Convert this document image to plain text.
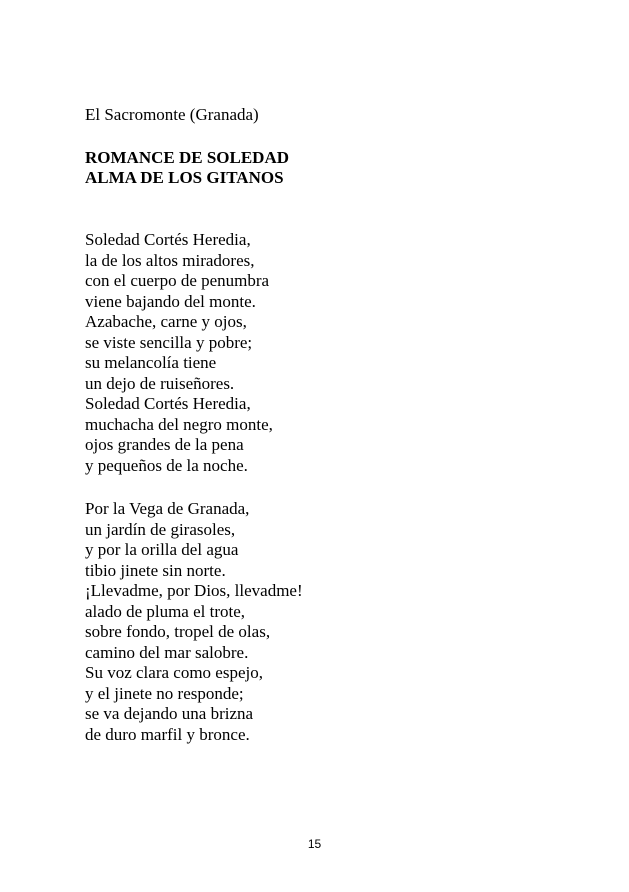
El Sacromonte (Granada)
ROMANCE DE SOLEDAD
ALMA DE LOS GITANOS
Soledad Cortés Heredia,
la de los altos miradores,
con el cuerpo de penumbra
viene bajando del monte.
Azabache, carne y ojos,
se viste sencilla y pobre;
su melancolía tiene
un dejo de ruiseñores.
Soledad Cortés Heredia,
muchacha del negro monte,
ojos grandes de la pena
y pequeños de la noche.
Por la Vega de Granada,
un jardín de girasoles,
y por la orilla del agua
tibio jinete sin norte.
¡Llevadme, por Dios, llevadme!
alado de pluma el trote,
sobre fondo, tropel de olas,
camino del mar salobre.
Su voz clara como espejo,
y el jinete no responde;
se va dejando una brizna
de duro marfil y bronce.
15
